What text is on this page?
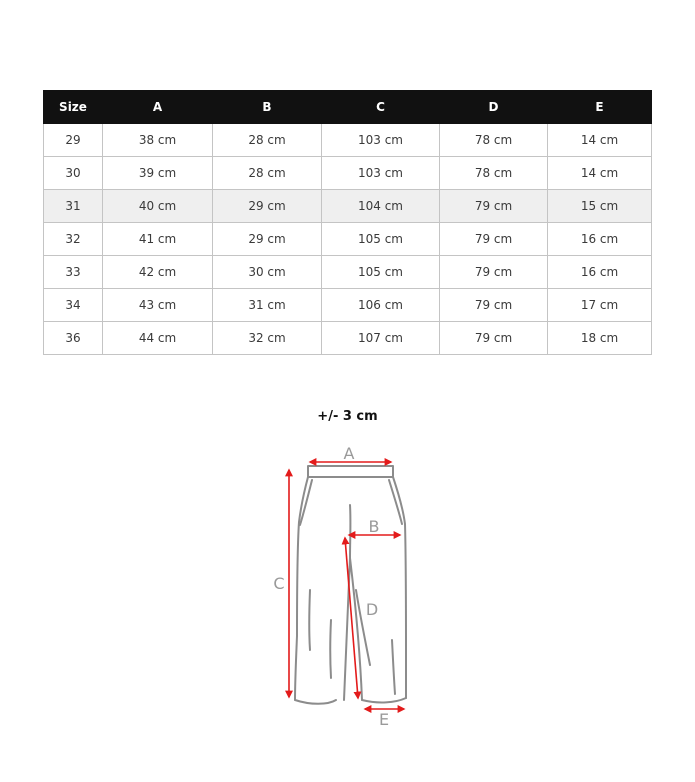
Size	A	B	C	D	E
29	38 cm	28 cm	103 cm	78 cm	14 cm
30	39 cm	28 cm	103 cm	78 cm	14 cm
31	40 cm	29 cm	104 cm	79 cm	15 cm
32	41 cm	29 cm	105 cm	79 cm	16 cm
33	42 cm	30 cm	105 cm	79 cm	16 cm
34	43 cm	31 cm	106 cm	79 cm	17 cm
36	44 cm	32 cm	107 cm	79 cm	18 cm
+/- 3 cm
A
B
C
D
E
